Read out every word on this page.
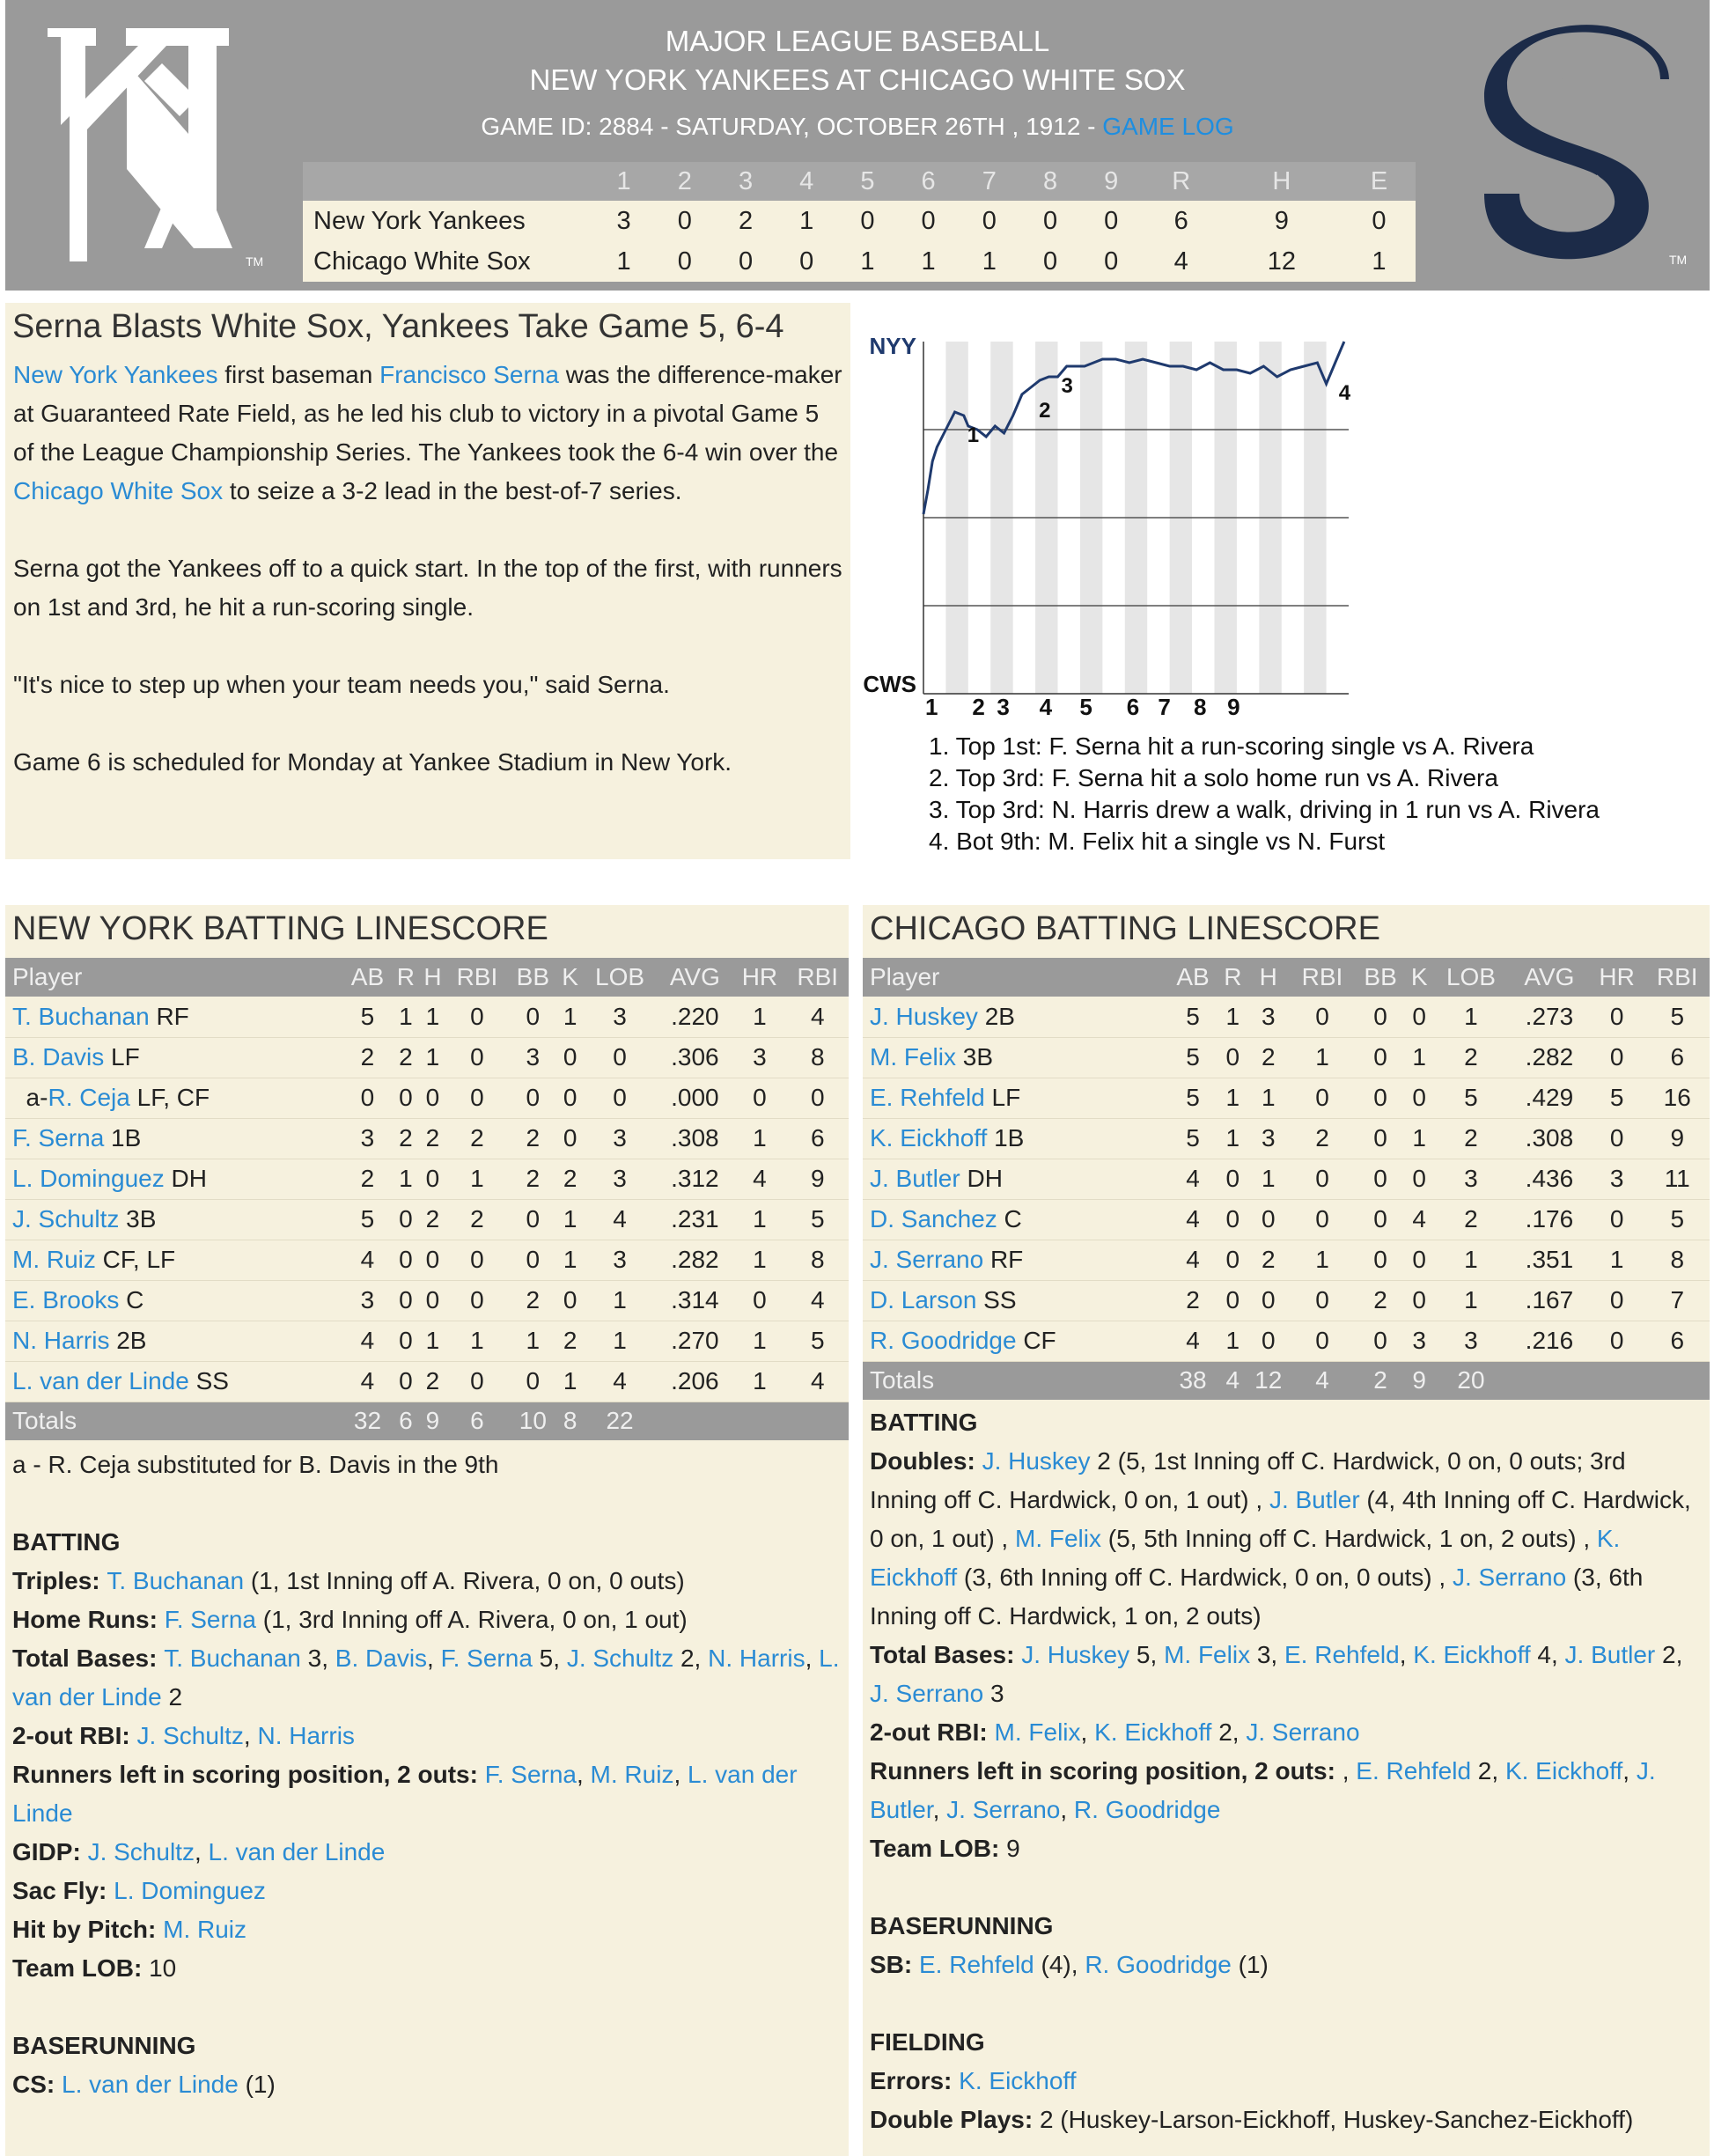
TM
MAJOR LEAGUE BASEBALL
NEW YORK YANKEES AT CHICAGO WHITE SOX
GAME ID: 2884 - SATURDAY, OCTOBER 26TH , 1912 - GAME LOG
	1	2	3	4	5	6	7	8	9	R	H	E
New York Yankees	3	0	2	1	0	0	0	0	0	6	9	0
Chicago White Sox	1	0	0	0	1	1	1	0	0	4	12	1	TM
Serna Blasts White Sox, Yankees Take Game 5, 6-4

New York Yankees first baseman Francisco Serna was the difference-maker at Guaranteed Rate Field, as he led his club to victory in a pivotal Game 5 of the League Championship Series. The Yankees took the 6-4 win over the Chicago White Sox to seize a 3-2 lead in the best-of-7 series.

Serna got the Yankees off to a quick start. In the top of the first, with runners on 1st and 3rd, he hit a run-scoring single.

"It's nice to step up when your team needs you," said Serna.

Game 6 is scheduled for Monday at Yankee Stadium in New York.

NYY
CWS
1 2 3 4 5 6 7 8 9
1
2
3	4
1. Top 1st: F. Serna hit a run-scoring single vs A. Rivera
2. Top 3rd: F. Serna hit a solo home run vs A. Rivera
3. Top 3rd: N. Harris drew a walk, driving in 1 run vs A. Rivera
4. Bot 9th: M. Felix hit a single vs N. Furst
NEW YORK BATTING LINESCORE
Player	AB	R	H	RBI	BB	K	LOB	AVG	HR	RBI
T. Buchanan RF	5	1	1	0	0	1	3	.220	1	4
B. Davis LF	2	2	1	0	3	0	0	.306	3	8
a-R. Ceja LF, CF	0	0	0	0	0	0	0	.000	0	0
F. Serna 1B	3	2	2	2	2	0	3	.308	1	6
L. Dominguez DH	2	1	0	1	2	2	3	.312	4	9
J. Schultz 3B	5	0	2	2	0	1	4	.231	1	5
M. Ruiz CF, LF	4	0	0	0	0	1	3	.282	1	8
E. Brooks C	3	0	0	0	2	0	1	.314	0	4
N. Harris 2B	4	0	1	1	1	2	1	.270	1	5
L. van der Linde SS	4	0	2	0	0	1	4	.206	1	4
Totals	32	6	9	6	10	8	22			
a - R. Ceja substituted for B. Davis in the 9th

BATTING
Triples: T. Buchanan (1, 1st Inning off A. Rivera, 0 on, 0 outs)
Home Runs: F. Serna (1, 3rd Inning off A. Rivera, 0 on, 1 out)
Total Bases: T. Buchanan 3, B. Davis, F. Serna 5, J. Schultz 2, N. Harris, L. van der Linde 2
2-out RBI: J. Schultz, N. Harris
Runners left in scoring position, 2 outs: F. Serna, M. Ruiz, L. van der Linde
GIDP: J. Schultz, L. van der Linde
Sac Fly: L. Dominguez
Hit by Pitch: M. Ruiz
Team LOB: 10

BASERUNNING
CS: L. van der Linde (1)
CHICAGO BATTING LINESCORE
Player	AB	R	H	RBI	BB	K	LOB	AVG	HR	RBI
J. Huskey 2B	5	1	3	0	0	0	1	.273	0	5
M. Felix 3B	5	0	2	1	0	1	2	.282	0	6
E. Rehfeld LF	5	1	1	0	0	0	5	.429	5	16
K. Eickhoff 1B	5	1	3	2	0	1	2	.308	0	9
J. Butler DH	4	0	1	0	0	0	3	.436	3	11
D. Sanchez C	4	0	0	0	0	4	2	.176	0	5
J. Serrano RF	4	0	2	1	0	0	1	.351	1	8
D. Larson SS	2	0	0	0	2	0	1	.167	0	7
R. Goodridge CF	4	1	0	0	0	3	3	.216	0	6
Totals	38	4	12	4	2	9	20			
BATTING
Doubles: J. Huskey 2 (5, 1st Inning off C. Hardwick, 0 on, 0 outs; 3rd Inning off C. Hardwick, 0 on, 1 out) , J. Butler (4, 4th Inning off C. Hardwick, 0 on, 1 out) , M. Felix (5, 5th Inning off C. Hardwick, 1 on, 2 outs) , K. Eickhoff (3, 6th Inning off C. Hardwick, 0 on, 0 outs) , J. Serrano (3, 6th Inning off C. Hardwick, 1 on, 2 outs)
Total Bases: J. Huskey 5, M. Felix 3, E. Rehfeld, K. Eickhoff 4, J. Butler 2, J. Serrano 3
2-out RBI: M. Felix, K. Eickhoff 2, J. Serrano
Runners left in scoring position, 2 outs: , E. Rehfeld 2, K. Eickhoff, J. Butler, J. Serrano, R. Goodridge
Team LOB: 9

BASERUNNING
SB: E. Rehfeld (4), R. Goodridge (1)

FIELDING
Errors: K. Eickhoff
Double Plays: 2 (Huskey-Larson-Eickhoff, Huskey-Sanchez-Eickhoff)
